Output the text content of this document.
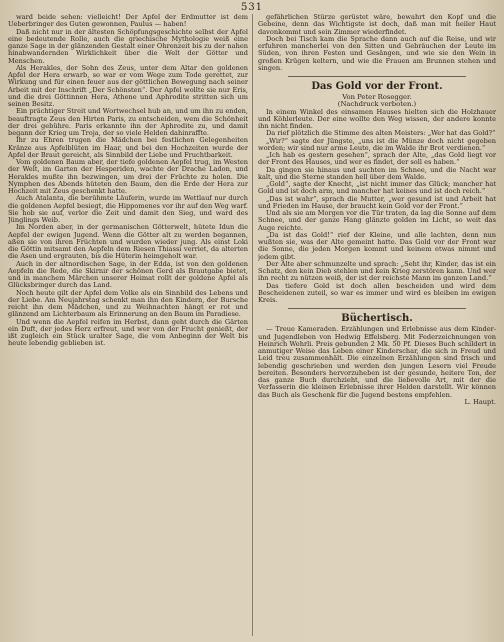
531

ward beide sehen: vielleicht! Der Apfel der Erdmutter ist dem Ueberbringer des Guten gewonnen, Paulus — haben!

Daß nicht nur in der ältesten Schöpfungsgeschichte selbst der Apfel eine bedeutende Rolle, auch die griechische Mythologie weiß eine ganze Sage in der glänzenden Gestalt einer Ohrenzeit bis zu der nahen hinabwandernden Wirklichkeit über die Welt der Götter und Menschen.

Als Herakles, der Sohn des Zeus, unter dem Altar den goldenen Apfel der Hera erwarb, so war er vom Wege zum Tode gerettet, zur Wirkung und für einen feuer aus der göttlichen Bewegung nach seiner Arbeit mit der Inschrift „Der Schönsten“. Der Apfel wollte sie nur Eris, und die drei Göttinnen Hera, Athene und Aphrodite stritten sich um seinen Besitz.

Ein prächtiger Streit und Wortwechsel hub an, und um ihn zu enden, beauftragte Zeus den Hirten Paris, zu entscheiden, wem die Schönheit der drei gebühre. Paris erkannte ihn der Aphrodite zu, und damit begann der Krieg um Troja, der so viele Helden dahinraffte.

Ihr zu Ehren trugen die Mädchen bei festlichen Gelegenheiten Kränze aus Apfelblüten im Haar, und bei den Hochzeiten wurde der Apfel der Braut gereicht, als Sinnbild der Liebe und Fruchtbarkeit.

Vom goldenen Baum aber, der tiefe goldenen Aepfel trug, im Westen der Welt, im Garten der Hesperiden, wachte der Drache Ladon, und Herakles mußte ihn bezwingen, um drei der Früchte zu holen. Die Nymphen des Abends hüteten den Baum, den die Erde der Hera zur Hochzeit mit Zeus geschenkt hatte.

Auch Atalanta, die berühmte Läuferin, wurde im Wettlauf nur durch die goldenen Aepfel besiegt, die Hippomenes vor ihr auf den Weg warf. Sie hob sie auf, verlor die Zeit und damit den Sieg, und ward des Jünglings Weib.

Im Norden aber, in der germanischen Götterwelt, hütete Idun die Aepfel der ewigen Jugend. Wenn die Götter alt zu werden begannen, aßen sie von ihren Früchten und wurden wieder jung. Als einst Loki die Göttin mitsamt den Aepfeln dem Riesen Thiassi verriet, da alterten die Asen und ergrauten, bis die Hüterin heimgeholt war.

Auch in der altnordischen Sage, in der Edda, ist von den goldenen Aepfeln die Rede, die Skirnir der schönen Gerd als Brautgabe bietet, und in manchem Märchen unserer Heimat rollt der goldene Apfel als Glücksbringer durch das Land.

Noch heute gilt der Apfel dem Volke als ein Sinnbild des Lebens und der Liebe. Am Neujahrstag schenkt man ihn den Kindern, der Bursche reicht ihn dem Mädchen, und zu Weihnachten hängt er rot und glänzend am Lichterbaum als Erinnerung an den Baum im Paradiese.

Und wenn die Aepfel reifen im Herbst, dann geht durch die Gärten ein Duft, der jedes Herz erfreut, und wer von der Frucht genießt, der ißt zugleich ein Stück uralter Sage, die vom Anbeginn der Welt bis heute lebendig geblieben ist.

gefährlichen Stürze gerüstet wäre, bewahrt den Kopf und die Gebeine, denn das Wichtigste ist doch, daß man mit heiler Haut davonkommt und sein Zimmer wiederfindet.

Doch bei Tisch kam die Sprache dann auch auf die Reise, und wir erfuhren mancherlei von den Sitten und Gebräuchen der Leute im Süden, von ihren Festen und Gesängen, und wie sie den Wein in großen Krügen keltern, und wie die Frauen am Brunnen stehen und singen.

Das Gold vor der Front.

Von Peter Rosegger.

(Nachdruck verboten.)

In einem Winkel des einsamen Hauses hielten sich die Holzhauer und Köhlerleute. Der eine wollte den Weg wissen, der andere konnte ihn nicht finden.

Da rief plötzlich die Stimme des alten Meisters: „Wer hat das Gold?“

„Wir?“ sagte der Jüngste, „uns ist die Münze doch nicht gegeben worden; wir sind nur arme Leute, die im Walde ihr Brot verdienen.“

„Ich hab es gestern gesehen“, sprach der Alte, „das Gold liegt vor der Front des Hauses, und wer es findet, der soll es haben.“

Da gingen sie hinaus und suchten im Schnee, und die Nacht war kalt, und die Sterne standen hell über dem Walde.

„Gold“, sagte der Knecht, „ist nicht immer das Glück; mancher hat Gold und ist doch arm, und mancher hat keines und ist doch reich.“

„Das ist wahr“, sprach die Mutter, „wer gesund ist und Arbeit hat und Frieden im Hause, der braucht kein Gold vor der Front.“

Und als sie am Morgen vor die Tür traten, da lag die Sonne auf dem Schnee, und der ganze Hang glänzte golden im Licht, so weit das Auge reichte.

„Da ist das Gold!“ rief der Kleine, und alle lachten, denn nun wußten sie, was der Alte gemeint hatte. Das Gold vor der Front war die Sonne, die jeden Morgen kommt und keinem etwas nimmt und jedem gibt.

Der Alte aber schmunzelte und sprach: „Seht ihr, Kinder, das ist ein Schatz, den kein Dieb stehlen und kein Krieg zerstören kann. Und wer ihn recht zu nützen weiß, der ist der reichste Mann im ganzen Land.“

Das tiefere Gold ist doch allen bescheiden und wird dem Bescheidenen zuteil, so war es immer und wird es bleiben im ewigen Kreis.

Büchertisch.

— Treue Kameraden. Erzählungen und Erlebnisse aus dem Kinder- und Jugendleben von Hedwig Effelsberg. Mit Federzeichnungen von Heinrich Wehrli. Preis gebunden 2 Mk. 50 Pf. Dieses Buch schildert in anmutiger Weise das Leben einer Kinderschar, die sich in Freud und Leid treu zusammenhält. Die einzelnen Erzählungen sind frisch und lebendig geschrieben und werden den jungen Lesern viel Freude bereiten. Besonders hervorzuheben ist der gesunde, heitere Ton, der das ganze Buch durchzieht, und die liebevolle Art, mit der die Verfasserin die kleinen Erlebnisse ihrer Helden darstellt. Wir können das Buch als Geschenk für die Jugend bestens empfehlen.

L. Haupt.
